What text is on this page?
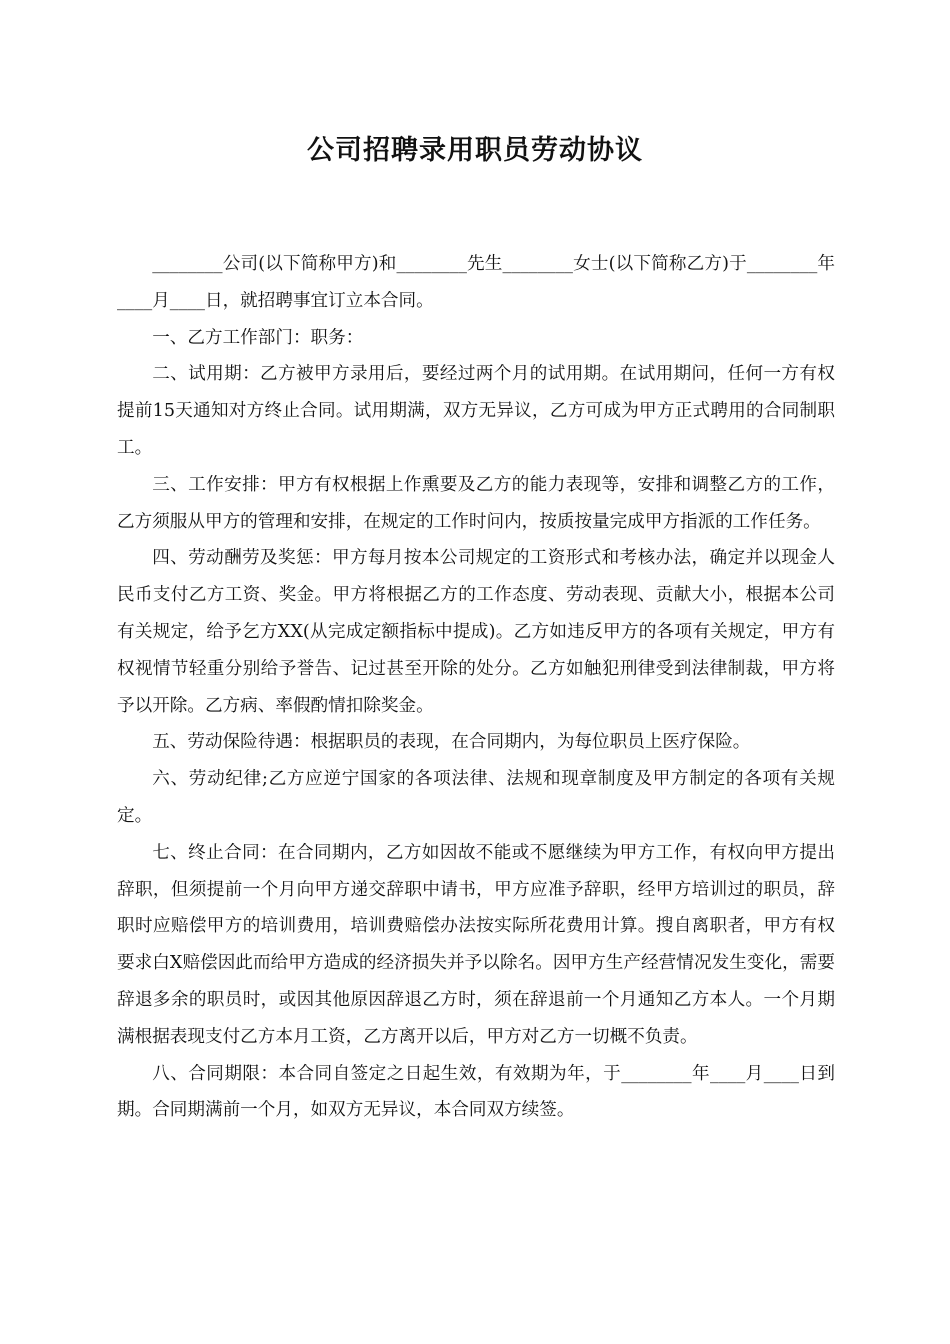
公司招聘录用职员劳动协议

________公司(以下简称甲方)和________先生________女士(以下简称乙方)于________年____月____日，就招聘事宜订立本合同。

一、乙方工作部门：职务：

二、试用期：乙方被甲方录用后，要经过两个月的试用期。在试用期问，任何一方有权提前15天通知对方终止合同。试用期满，双方无异议，乙方可成为甲方正式聘用的合同制职工。

三、工作安排：甲方有权根据上作熏要及乙方的能力表现等，安排和调整乙方的工作，乙方须服从甲方的管理和安排，在规定的工作时问内，按质按量完成甲方指派的工作任务。

四、劳动酬劳及奖惩：甲方每月按本公司规定的工资形式和考核办法，确定并以现金人民币支付乙方工资、奖金。甲方将根据乙方的工作态度、劳动表现、贡献大小，根据本公司有关规定，给予乞方XX(从完成定额指标中提成)。乙方如违反甲方的各项有关规定，甲方有权视情节轻重分别给予誉告、记过甚至开除的处分。乙方如触犯刑律受到法律制裁，甲方将予以开除。乙方病、率假酌情扣除奖金。

五、劳动保险待遇：根据职员的表现，在合同期内，为每位职员上医疗保险。

六、劳动纪律;乙方应逆宁国家的各项法律、法规和现章制度及甲方制定的各项有关规定。

七、终止合同：在合同期内，乙方如因故不能或不愿继续为甲方工作，有权向甲方提出辞职，但须提前一个月向甲方递交辞职中请书，甲方应准予辞职，经甲方培训过的职员，辞职时应赔偿甲方的培训费用，培训费赔偿办法按实际所花费用计算。搜自离职者，甲方有权要求白X赔偿因此而给甲方造成的经济损失并予以除名。因甲方生产经营情况发生变化，需要辞退多余的职员时，或因其他原因辞退乙方时，须在辞退前一个月通知乙方本人。一个月期满根据表现支付乙方本月工资，乙方离开以后，甲方对乙方一切概不负责。

八、合同期限：本合同自签定之日起生效，有效期为年，于________年____月____日到期。合同期满前一个月，如双方无异议，本合同双方续签。
